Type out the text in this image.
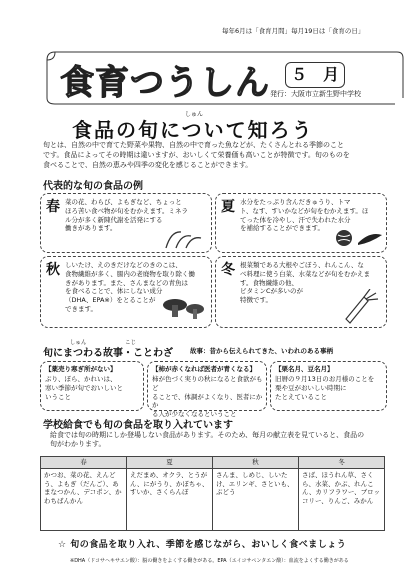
毎年6月は「食育月間」毎月19日は「食育の日」
食育つうしん	５　月
発行：大阪市立新生野中学校
しゅん
食品の旬について知ろう
旬とは、自然の中で育てた野菜や果物、自然の中で育った魚などが、たくさんとれる季節のこと
です。食品によってその時期は違いますが、おいしくて栄養価も高いことが特徴です。旬のものを
食べることで、自然の恵みや四季の変化を感じることができます。
代表的な旬の食品の例
春 菜の花、わらび、よもぎなど、ちょっと
ほろ苦い食べ物が旬をむかえます。ミネラ
ル分が多く新陳代謝を活発にする
働きがあります。
夏 水分をたっぷり含んだきゅうり、トマ
ト、なす、すいかなどが旬をむかえます。ほ
てった体を冷やし、汗で失われた水分
を補給することができます。
秋 しいたけ、えのきだけなどのきのこは、
食物繊維が多く、腸内の老廃物を取り除く働
きがあります。また、さんまなどの青魚は
を食べることで、体にしない成分
（DHA、EPA※）をとることが
できます。
冬 根菜類である大根やごぼう、れんこん、な
べ料理に使う白菜、水菜などが旬をむかえま
す。食物繊維の他、
ビタミンCが多いのが
特徴です。
しゅん　　　　　　　こじ
旬にまつわる故事・ことわざ	故事：昔から伝えられてきた、いわれのある事柄
【薬売り寒ぎ所がない】
ぶり、ぼら、かれいは、
寒い季節が旬でおいしいと
いうこと
【柿が赤くなれば医者が青くなる】
柿が色づく実りの秋になると食欲がもど
ることで、体調がよくなり、医者にかか
る人が少なくなるということ
【栗名月、豆名月】
旧暦の９月13日のお月様のことを
栗や豆がおいしい時期に
たとえていること
学校給食でも旬の食品を取り入れています
給食では旬の時期にしか登場しない食品があります。そのため、毎月の献立表を見ていると、食品の
旬がわかります。
春	夏	秋	冬
かつお、菜の花、えんどう、よもぎ（だんご）、あまなつかん、デコポン、かわちばんかん	えだまめ、オクラ、とうがん、にがうり、かぼちゃ、すいか、さくらんぼ	さんま、しめじ、しいたけ、エリンギ、さといも、ぶどう	さば、ほうれん草、さくら、水菜、かぶ、れんこん、カリフラワー、ブロッコリー、りんご、みかん
☆ 旬の食品を取り入れ、季節を感じながら、おいしく食べましょう
※DHA（ドコサヘキサエン酸）：脳の働きをよくする働きがある。EPA（エイコサペンタエン酸）：血流をよくする働きがある
